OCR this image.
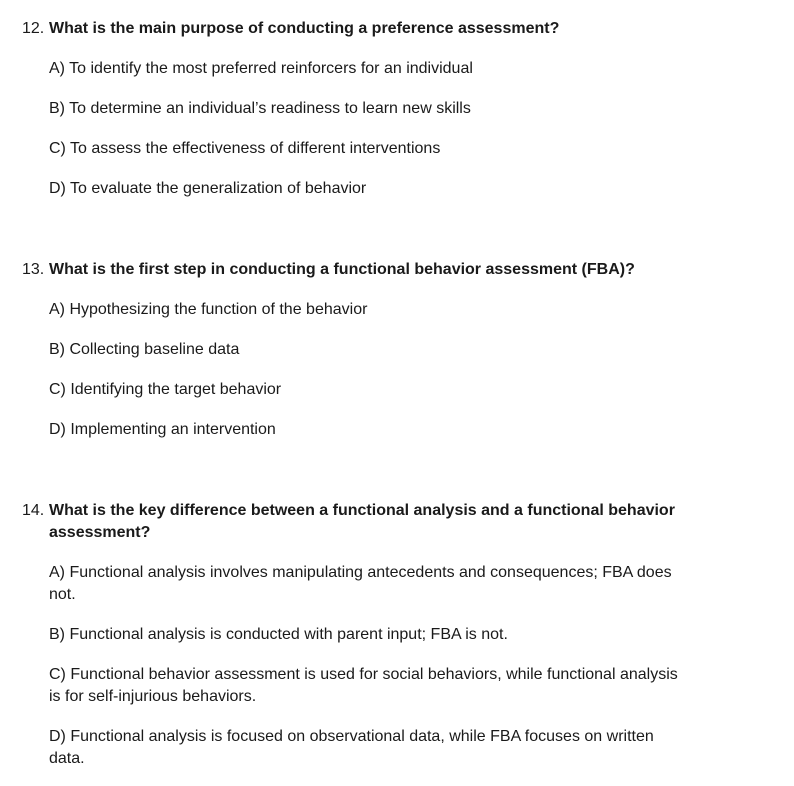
12. What is the main purpose of conducting a preference assessment?
A) To identify the most preferred reinforcers for an individual
B) To determine an individual’s readiness to learn new skills
C) To assess the effectiveness of different interventions
D) To evaluate the generalization of behavior
13. What is the first step in conducting a functional behavior assessment (FBA)?
A) Hypothesizing the function of the behavior
B) Collecting baseline data
C) Identifying the target behavior
D) Implementing an intervention
14. What is the key difference between a functional analysis and a functional behavior assessment?
A) Functional analysis involves manipulating antecedents and consequences; FBA does not.
B) Functional analysis is conducted with parent input; FBA is not.
C) Functional behavior assessment is used for social behaviors, while functional analysis is for self-injurious behaviors.
D) Functional analysis is focused on observational data, while FBA focuses on written data.
